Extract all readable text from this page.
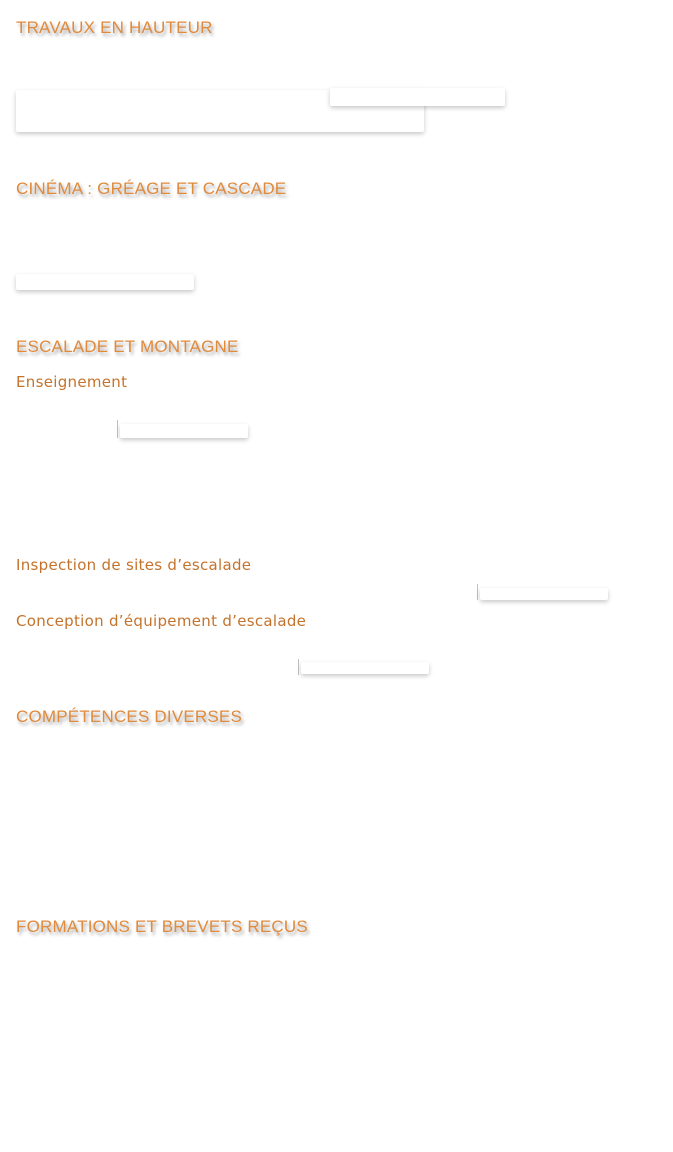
TRAVAUX EN HAUTEUR
CINÉMA : GRÉAGE ET CASCADE
ESCALADE ET MONTAGNE

Enseignement

Inspection de sites d’escalade

Conception d’équipement d’escalade

COMPÉTENCES DIVERSES
FORMATIONS ET BREVETS REÇUS
